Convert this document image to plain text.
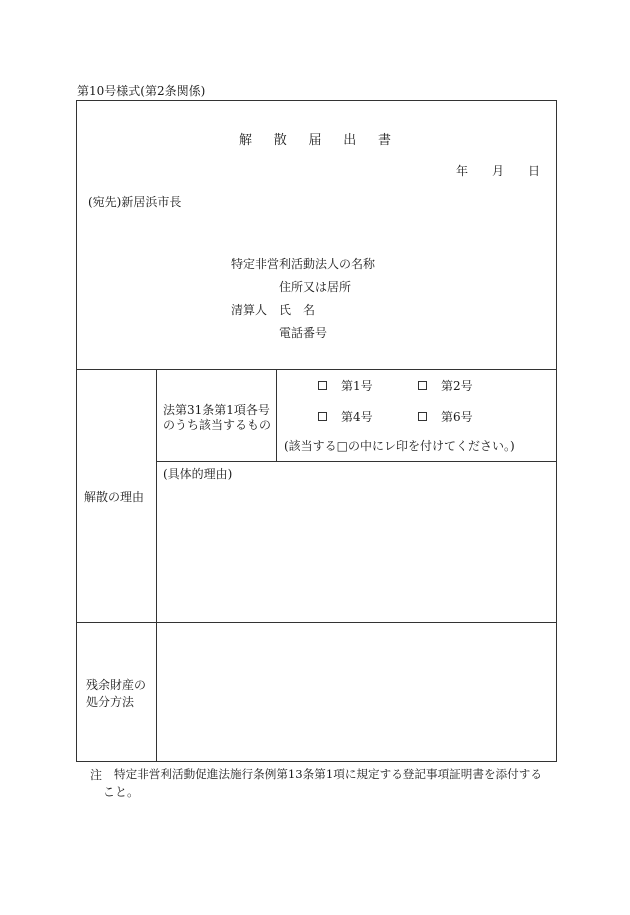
第10号様式(第2条関係)
解 散 届 出 書
年 月 日
(宛先)新居浜市長
特定非営利活動法人の名称
住所又は居所
清算人 氏　名
電話番号
解散の理由
法第31条第1項各号
のうち該当するもの
第1号	第2号
第4号	第6号
(該当する□の中にレ印を付けてください。)
(具体的理由)
残余財産の
処分方法
注 特定非営利活動促進法施行条例第13条第1項に規定する登記事項証明書を添付する
こと。
